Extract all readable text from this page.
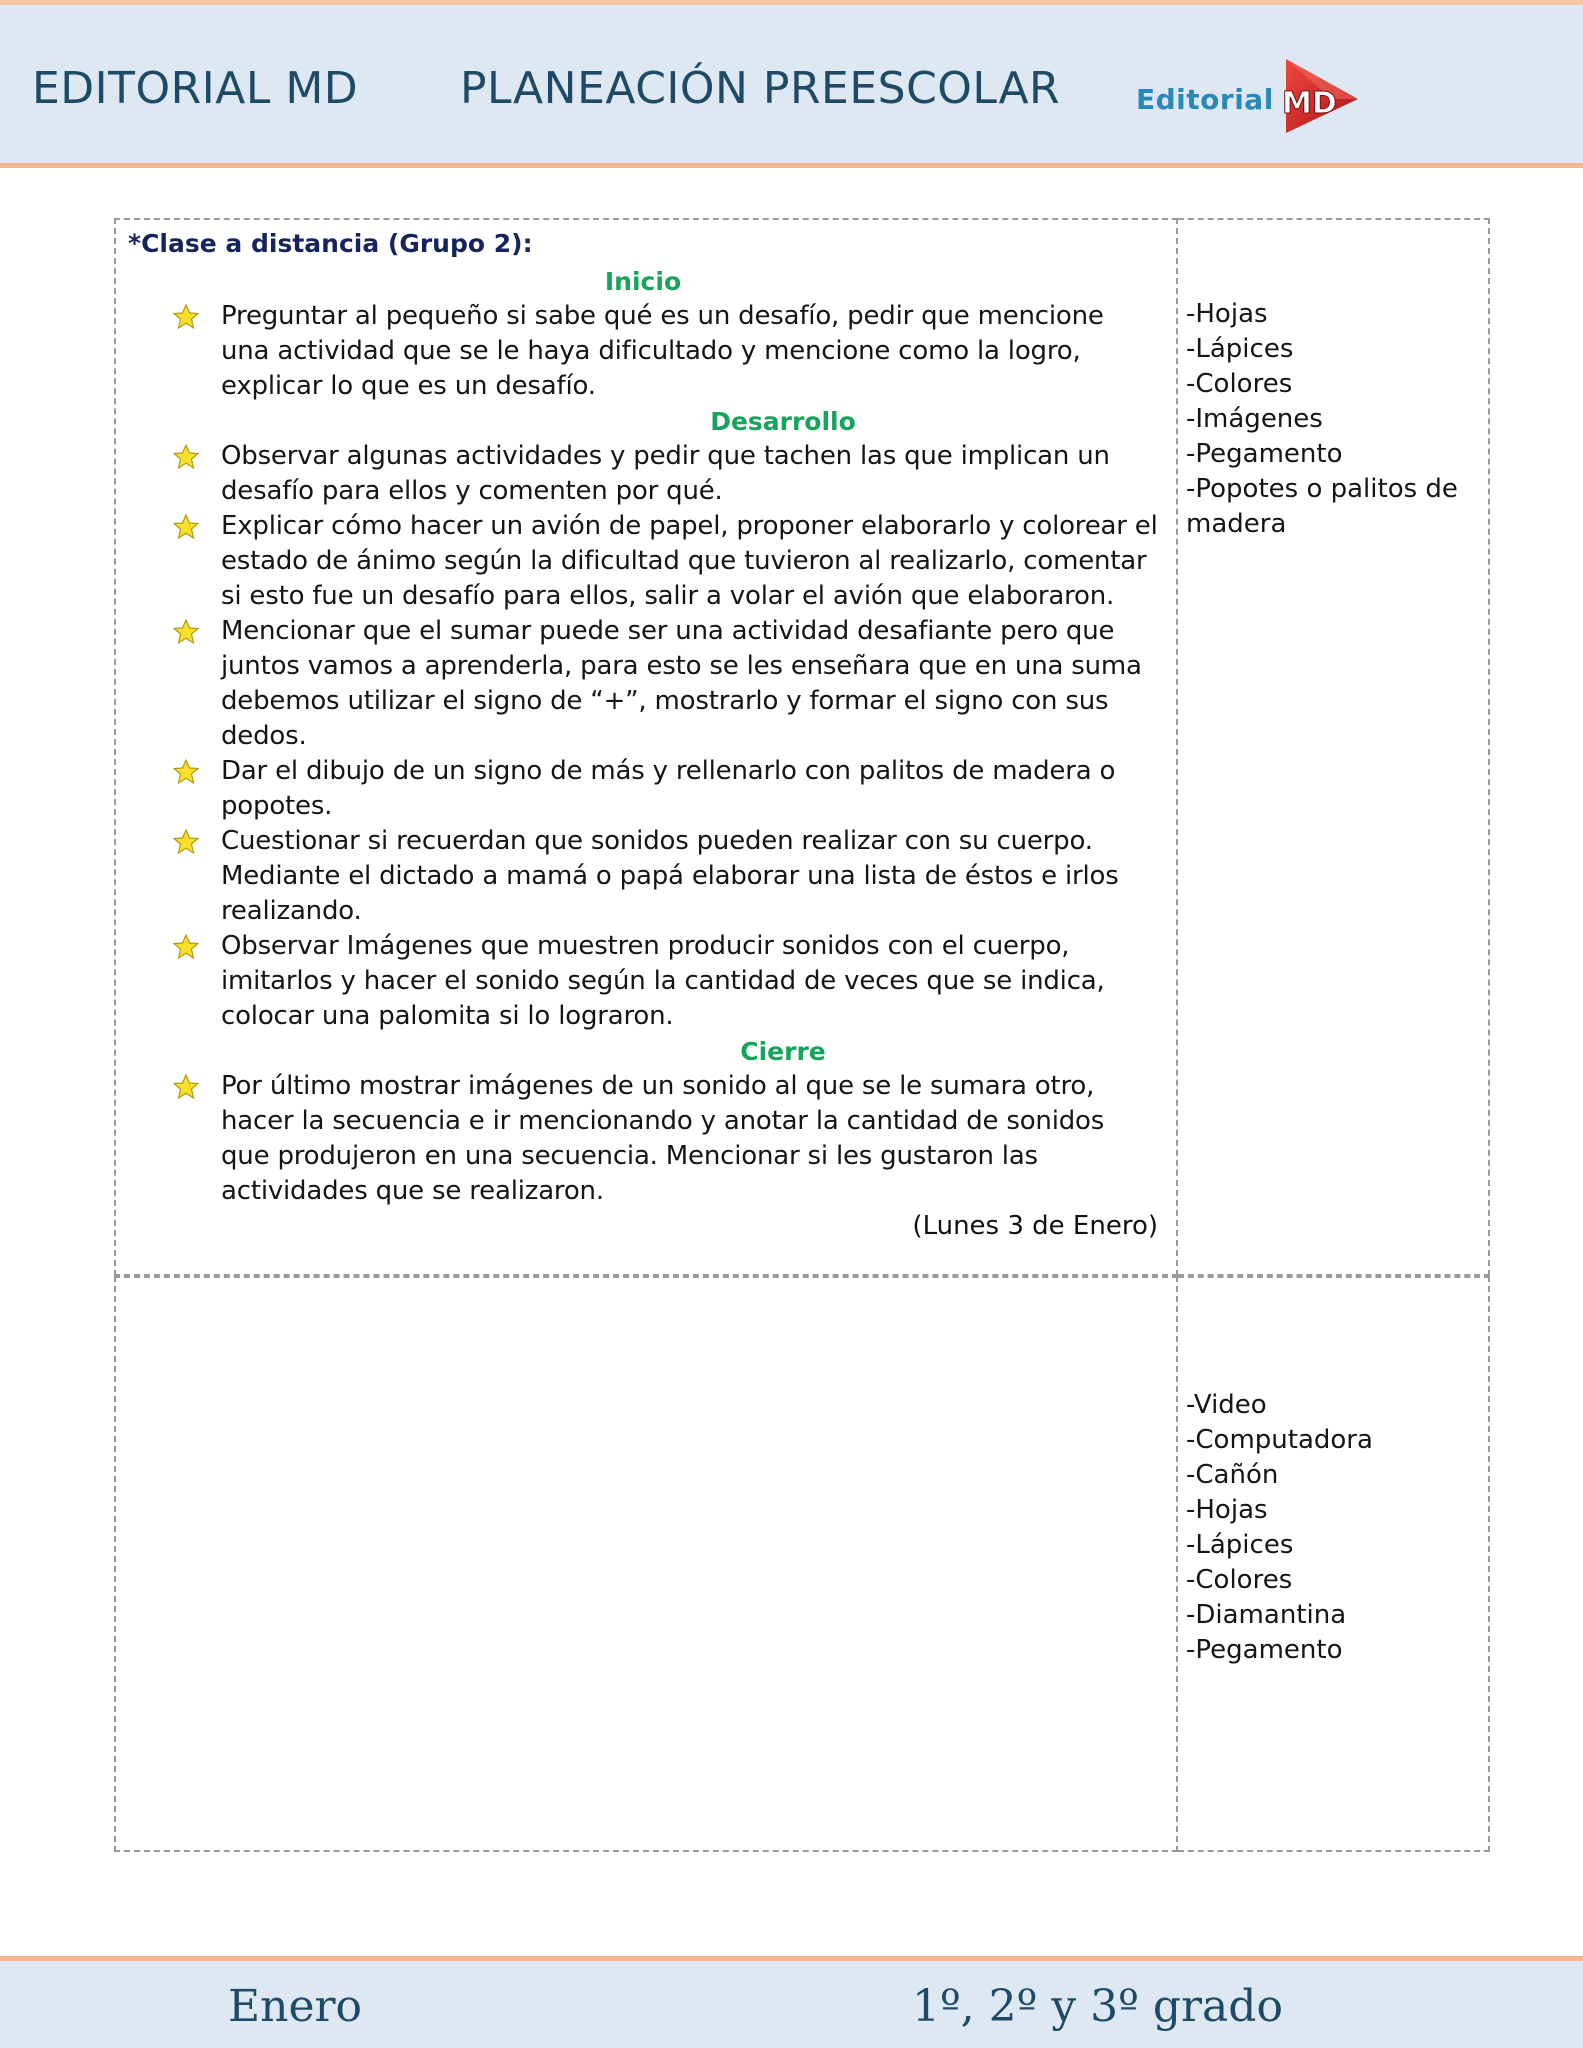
EDITORIAL MD PLANEACIÓN PREESCOLAR	Editorial MD
*Clase a distancia (Grupo 2):
Inicio
Preguntar al pequeño si sabe qué es un desafío, pedir que mencione una actividad que se le haya dificultado y mencione como la logro, explicar lo que es un desafío.
Desarrollo
Observar algunas actividades y pedir que tachen las que implican un desafío para ellos y comenten por qué.
Explicar cómo hacer un avión de papel, proponer elaborarlo y colorear el estado de ánimo según la dificultad que tuvieron al realizarlo, comentar si esto fue un desafío para ellos, salir a volar el avión que elaboraron.
Mencionar que el sumar puede ser una actividad desafiante pero que juntos vamos a aprenderla, para esto se les enseñara que en una suma debemos utilizar el signo de “+”, mostrarlo y formar el signo con sus dedos.
Dar el dibujo de un signo de más y rellenarlo con palitos de madera o popotes.
Cuestionar si recuerdan que sonidos pueden realizar con su cuerpo. Mediante el dictado a mamá o papá elaborar una lista de éstos e irlos realizando.
Observar Imágenes que muestren producir sonidos con el cuerpo, imitarlos y hacer el sonido según la cantidad de veces que se indica, colocar una palomita si lo lograron.
Cierre
Por último mostrar imágenes de un sonido al que se le sumara otro, hacer la secuencia e ir mencionando y anotar la cantidad de sonidos que produjeron en una secuencia. Mencionar si les gustaron las actividades que se realizaron.
(Lunes 3 de Enero)
-Hojas
-Lápices
-Colores
-Imágenes
-Pegamento
-Popotes o palitos de madera
-Video
-Computadora
-Cañón
-Hojas
-Lápices
-Colores
-Diamantina
-Pegamento
Enero	1º, 2º y 3º grado
